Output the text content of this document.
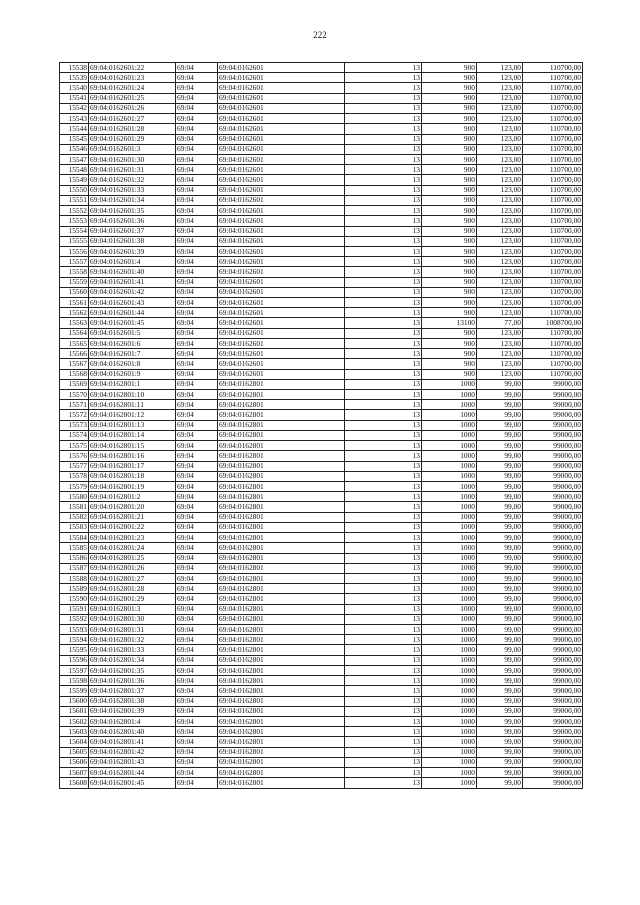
222
15538	69:04:0162601:22	69:04	69:04:0162601	13	900	123,00	110700,00
15539	69:04:0162601:23	69:04	69:04:0162601	13	900	123,00	110700,00
15540	69:04:0162601:24	69:04	69:04:0162601	13	900	123,00	110700,00
15541	69:04:0162601:25	69:04	69:04:0162601	13	900	123,00	110700,00
15542	69:04:0162601:26	69:04	69:04:0162601	13	900	123,00	110700,00
15543	69:04:0162601:27	69:04	69:04:0162601	13	900	123,00	110700,00
15544	69:04:0162601:28	69:04	69:04:0162601	13	900	123,00	110700,00
15545	69:04:0162601:29	69:04	69:04:0162601	13	900	123,00	110700,00
15546	69:04:0162601:3	69:04	69:04:0162601	13	900	123,00	110700,00
15547	69:04:0162601:30	69:04	69:04:0162601	13	900	123,00	110700,00
15548	69:04:0162601:31	69:04	69:04:0162601	13	900	123,00	110700,00
15549	69:04:0162601:32	69:04	69:04:0162601	13	900	123,00	110700,00
15550	69:04:0162601:33	69:04	69:04:0162601	13	900	123,00	110700,00
15551	69:04:0162601:34	69:04	69:04:0162601	13	900	123,00	110700,00
15552	69:04:0162601:35	69:04	69:04:0162601	13	900	123,00	110700,00
15553	69:04:0162601:36	69:04	69:04:0162601	13	900	123,00	110700,00
15554	69:04:0162601:37	69:04	69:04:0162601	13	900	123,00	110700,00
15555	69:04:0162601:38	69:04	69:04:0162601	13	900	123,00	110700,00
15556	69:04:0162601:39	69:04	69:04:0162601	13	900	123,00	110700,00
15557	69:04:0162601:4	69:04	69:04:0162601	13	900	123,00	110700,00
15558	69:04:0162601:40	69:04	69:04:0162601	13	900	123,00	110700,00
15559	69:04:0162601:41	69:04	69:04:0162601	13	900	123,00	110700,00
15560	69:04:0162601:42	69:04	69:04:0162601	13	900	123,00	110700,00
15561	69:04:0162601:43	69:04	69:04:0162601	13	900	123,00	110700,00
15562	69:04:0162601:44	69:04	69:04:0162601	13	900	123,00	110700,00
15563	69:04:0162601:45	69:04	69:04:0162601	13	13100	77,00	1008700,00
15564	69:04:0162601:5	69:04	69:04:0162601	13	900	123,00	110700,00
15565	69:04:0162601:6	69:04	69:04:0162601	13	900	123,00	110700,00
15566	69:04:0162601:7	69:04	69:04:0162601	13	900	123,00	110700,00
15567	69:04:0162601:8	69:04	69:04:0162601	13	900	123,00	110700,00
15568	69:04:0162601:9	69:04	69:04:0162601	13	900	123,00	110700,00
15569	69:04:0162801:1	69:04	69:04:0162801	13	1000	99,00	99000,00
15570	69:04:0162801:10	69:04	69:04:0162801	13	1000	99,00	99000,00
15571	69:04:0162801:11	69:04	69:04:0162801	13	1000	99,00	99000,00
15572	69:04:0162801:12	69:04	69:04:0162801	13	1000	99,00	99000,00
15573	69:04:0162801:13	69:04	69:04:0162801	13	1000	99,00	99000,00
15574	69:04:0162801:14	69:04	69:04:0162801	13	1000	99,00	99000,00
15575	69:04:0162801:15	69:04	69:04:0162801	13	1000	99,00	99000,00
15576	69:04:0162801:16	69:04	69:04:0162801	13	1000	99,00	99000,00
15577	69:04:0162801:17	69:04	69:04:0162801	13	1000	99,00	99000,00
15578	69:04:0162801:18	69:04	69:04:0162801	13	1000	99,00	99000,00
15579	69:04:0162801:19	69:04	69:04:0162801	13	1000	99,00	99000,00
15580	69:04:0162801:2	69:04	69:04:0162801	13	1000	99,00	99000,00
15581	69:04:0162801:20	69:04	69:04:0162801	13	1000	99,00	99000,00
15582	69:04:0162801:21	69:04	69:04:0162801	13	1000	99,00	99000,00
15583	69:04:0162801:22	69:04	69:04:0162801	13	1000	99,00	99000,00
15584	69:04:0162801:23	69:04	69:04:0162801	13	1000	99,00	99000,00
15585	69:04:0162801:24	69:04	69:04:0162801	13	1000	99,00	99000,00
15586	69:04:0162801:25	69:04	69:04:0162801	13	1000	99,00	99000,00
15587	69:04:0162801:26	69:04	69:04:0162801	13	1000	99,00	99000,00
15588	69:04:0162801:27	69:04	69:04:0162801	13	1000	99,00	99000,00
15589	69:04:0162801:28	69:04	69:04:0162801	13	1000	99,00	99000,00
15590	69:04:0162801:29	69:04	69:04:0162801	13	1000	99,00	99000,00
15591	69:04:0162801:3	69:04	69:04:0162801	13	1000	99,00	99000,00
15592	69:04:0162801:30	69:04	69:04:0162801	13	1000	99,00	99000,00
15593	69:04:0162801:31	69:04	69:04:0162801	13	1000	99,00	99000,00
15594	69:04:0162801:32	69:04	69:04:0162801	13	1000	99,00	99000,00
15595	69:04:0162801:33	69:04	69:04:0162801	13	1000	99,00	99000,00
15596	69:04:0162801:34	69:04	69:04:0162801	13	1000	99,00	99000,00
15597	69:04:0162801:35	69:04	69:04:0162801	13	1000	99,00	99000,00
15598	69:04:0162801:36	69:04	69:04:0162801	13	1000	99,00	99000,00
15599	69:04:0162801:37	69:04	69:04:0162801	13	1000	99,00	99000,00
15600	69:04:0162801:38	69:04	69:04:0162801	13	1000	99,00	99000,00
15601	69:04:0162801:39	69:04	69:04:0162801	13	1000	99,00	99000,00
15602	69:04:0162801:4	69:04	69:04:0162801	13	1000	99,00	99000,00
15603	69:04:0162801:40	69:04	69:04:0162801	13	1000	99,00	99000,00
15604	69:04:0162801:41	69:04	69:04:0162801	13	1000	99,00	99000,00
15605	69:04:0162801:42	69:04	69:04:0162801	13	1000	99,00	99000,00
15606	69:04:0162801:43	69:04	69:04:0162801	13	1000	99,00	99000,00
15607	69:04:0162801:44	69:04	69:04:0162801	13	1000	99,00	99000,00
15608	69:04:0162801:45	69:04	69:04:0162801	13	1000	99,00	99000,00
